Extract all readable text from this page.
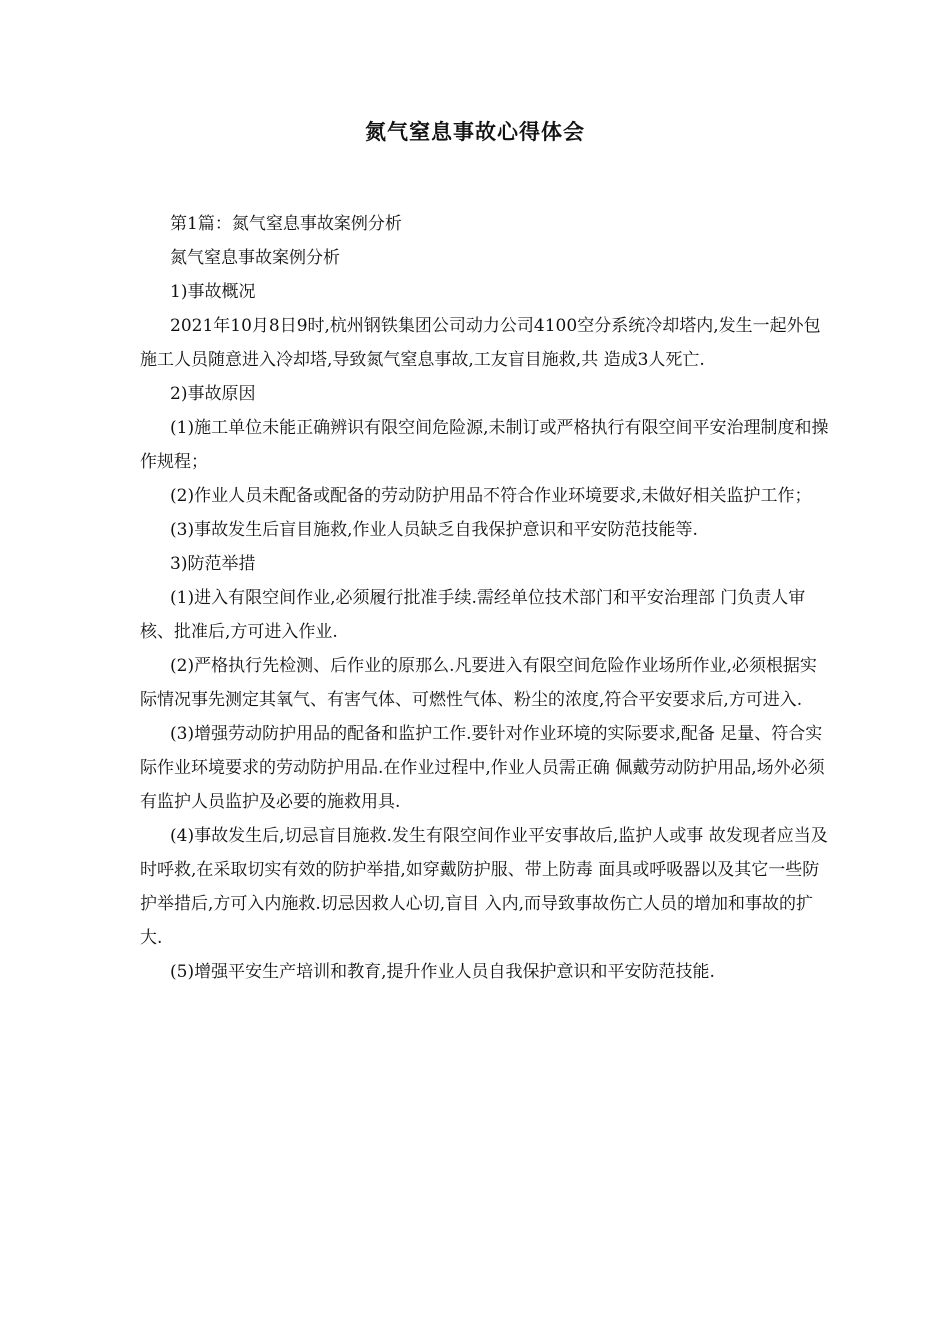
氮气窒息事故心得体会

第1篇：氮气窒息事故案例分析

氮气窒息事故案例分析

1)事故概况

2021年10月8日9时,杭州钢铁集团公司动力公司4100空分系统冷却塔内,发生一起外包施工人员随意进入冷却塔,导致氮气窒息事故,工友盲目施救,共 造成3人死亡.

2)事故原因

(1)施工单位未能正确辨识有限空间危险源,未制订或严格执行有限空间平安治理制度和操作规程；

(2)作业人员未配备或配备的劳动防护用品不符合作业环境要求,未做好相关监护工作；

(3)事故发生后盲目施救,作业人员缺乏自我保护意识和平安防范技能等.

3)防范举措

(1)进入有限空间作业,必须履行批准手续.需经单位技术部门和平安治理部 门负责人审核、批准后,方可进入作业.

(2)严格执行先检测、后作业的原那么.凡要进入有限空间危险作业场所作业,必须根据实际情况事先测定其氧气、有害气体、可燃性气体、粉尘的浓度,符合平安要求后,方可进入.

(3)增强劳动防护用品的配备和监护工作.要针对作业环境的实际要求,配备 足量、符合实际作业环境要求的劳动防护用品.在作业过程中,作业人员需正确 佩戴劳动防护用品,场外必须有监护人员监护及必要的施救用具.

(4)事故发生后,切忌盲目施救.发生有限空间作业平安事故后,监护人或事 故发现者应当及时呼救,在采取切实有效的防护举措,如穿戴防护服、带上防毒 面具或呼吸器以及其它一些防护举措后,方可入内施救.切忌因救人心切,盲目 入内,而导致事故伤亡人员的增加和事故的扩大.

(5)增强平安生产培训和教育,提升作业人员自我保护意识和平安防范技能.
